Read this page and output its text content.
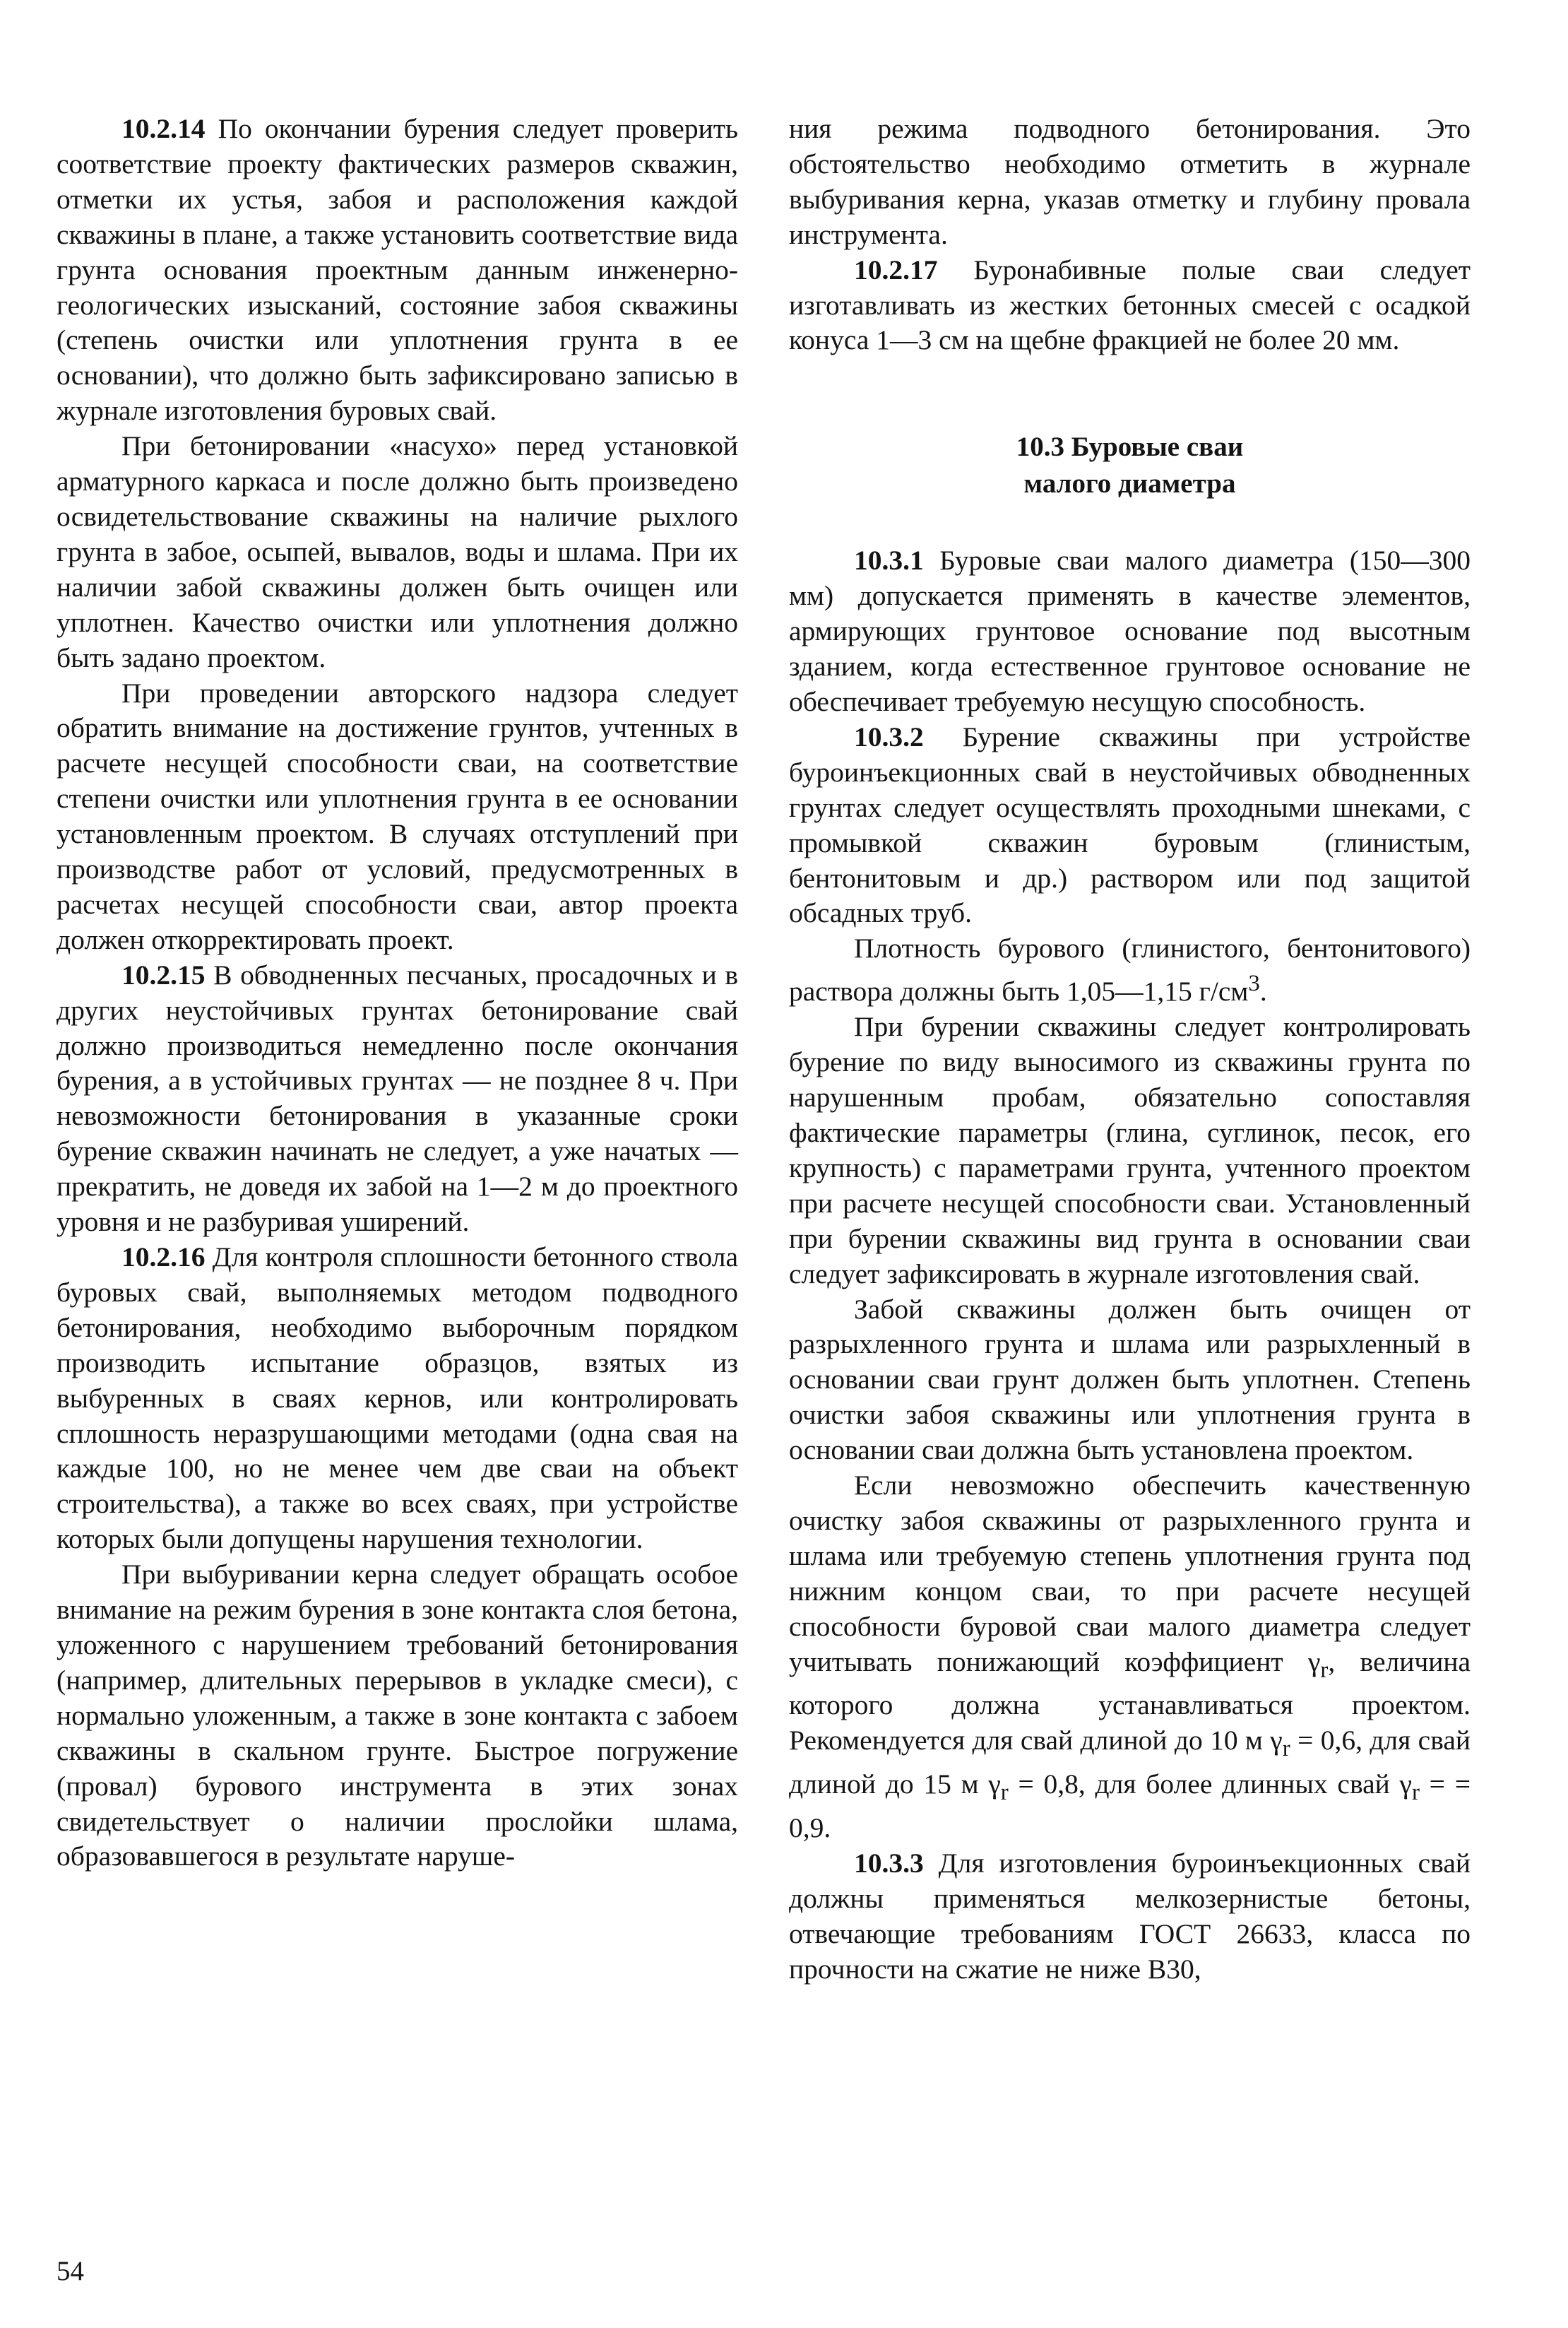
10.2.14 По окончании бурения следует проверить соответствие проекту фактических размеров скважин, отметки их устья, забоя и расположения каждой скважины в плане, а также установить соответствие вида грунта основания проектным данным инженерно-геологических изысканий, состояние забоя скважины (степень очистки или уплотнения грунта в ее основании), что должно быть зафиксировано записью в журнале изготовления буровых свай.

При бетонировании «насухо» перед установкой арматурного каркаса и после должно быть произведено освидетельствование скважины на наличие рыхлого грунта в забое, осыпей, вывалов, воды и шлама. При их наличии забой скважины должен быть очищен или уплотнен. Качество очистки или уплотнения должно быть задано проектом.

При проведении авторского надзора следует обратить внимание на достижение грунтов, учтенных в расчете несущей способности сваи, на соответствие степени очистки или уплотнения грунта в ее основании установленным проектом. В случаях отступлений при производстве работ от условий, предусмотренных в расчетах несущей способности сваи, автор проекта должен откорректировать проект.

10.2.15 В обводненных песчаных, просадочных и в других неустойчивых грунтах бетонирование свай должно производиться немедленно после окончания бурения, а в устойчивых грунтах — не позднее 8 ч. При невозможности бетонирования в указанные сроки бурение скважин начинать не следует, а уже начатых — прекратить, не доведя их забой на 1—2 м до проектного уровня и не разбуривая уширений.

10.2.16 Для контроля сплошности бетонного ствола буровых свай, выполняемых методом подводного бетонирования, необходимо выборочным порядком производить испытание образцов, взятых из выбуренных в сваях кернов, или контролировать сплошность неразрушающими методами (одна свая на каждые 100, но не менее чем две сваи на объект строительства), а также во всех сваях, при устройстве которых были допущены нарушения технологии.

При выбуривании керна следует обращать особое внимание на режим бурения в зоне контакта слоя бетона, уложенного с нарушением требований бетонирования (например, длительных перерывов в укладке смеси), с нормально уложенным, а также в зоне контакта с забоем скважины в скальном грунте. Быстрое погружение (провал) бурового инструмента в этих зонах свидетельствует о наличии прослойки шлама, образовавшегося в результате наруше-

ния режима подводного бетонирования. Это обстоятельство необходимо отметить в журнале выбуривания керна, указав отметку и глубину провала инструмента.

10.2.17 Буронабивные полые сваи следует изготавливать из жестких бетонных смесей с осадкой конуса 1—3 см на щебне фракцией не более 20 мм.

10.3 Буровые сваи

малого диаметра

10.3.1 Буровые сваи малого диаметра (150—300 мм) допускается применять в качестве элементов, армирующих грунтовое основание под высотным зданием, когда естественное грунтовое основание не обеспечивает требуемую несущую способность.

10.3.2 Бурение скважины при устройстве буроинъекционных свай в неустойчивых обводненных грунтах следует осуществлять проходными шнеками, с промывкой скважин буровым (глинистым, бентонитовым и др.) раствором или под защитой обсадных труб.

Плотность бурового (глинистого, бентонитового) раствора должны быть 1,05—1,15 $г/см^3$.

При бурении скважины следует контролировать бурение по виду выносимого из скважины грунта по нарушенным пробам, обязательно сопоставляя фактические параметры (глина, суглинок, песок, его крупность) с параметрами грунта, учтенного проектом при расчете несущей способности сваи. Установленный при бурении скважины вид грунта в основании сваи следует зафиксировать в журнале изготовления свай.

Забой скважины должен быть очищен от разрыхленного грунта и шлама или разрыхленный в основании сваи грунт должен быть уплотнен. Степень очистки забоя скважины или уплотнения грунта в основании сваи должна быть установлена проектом.

Если невозможно обеспечить качественную очистку забоя скважины от разрыхленного грунта и шлама или требуемую степень уплотнения грунта под нижним концом сваи, то при расчете несущей способности буровой сваи малого диаметра следует учитывать понижающий коэффициент $\gamma_r$, величина которого должна устанавливаться проектом. Рекомендуется для свай длиной до 10 м $\gamma_r = 0,6$, для свай длиной до 15 м $\gamma_r = 0,8$, для более длинных свай $\gamma_r$ = = 0,9.

10.3.3 Для изготовления буроинъекционных свай должны применяться мелкозернистые бетоны, отвечающие требованиям ГОСТ 26633, класса по прочности на сжатие не ниже В30,

54
